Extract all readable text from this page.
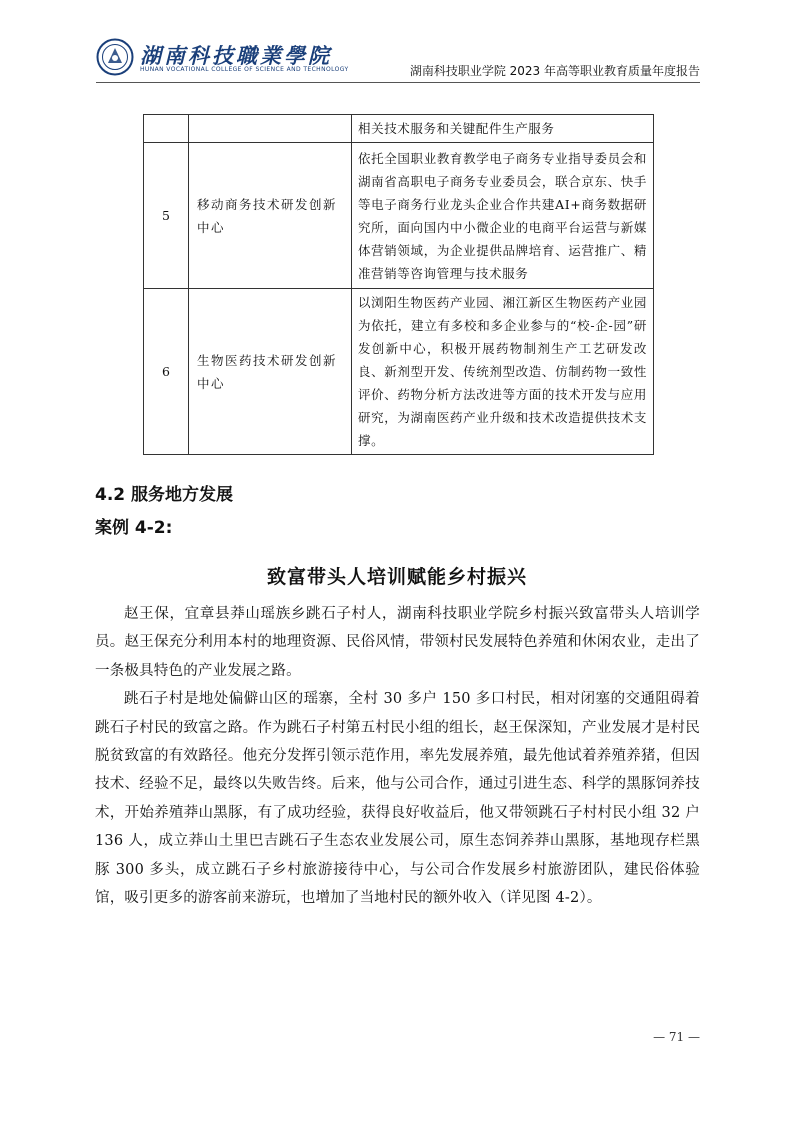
湖南科技職業學院
HUNAN VOCATIONAL COLLEGE OF SCIENCE AND TECHNOLOGY	湖南科技职业学院 2023 年高等职业教育质量年度报告
		相关技术服务和关键配件生产服务
5	移动商务技术研发创新中心	依托全国职业教育教学电子商务专业指导委员会和湖南省高职电子商务专业委员会，联合京东、快手等电子商务行业龙头企业合作共建AI+商务数据研究所，面向国内中小微企业的电商平台运营与新媒体营销领域，为企业提供品牌培育、运营推广、精准营销等咨询管理与技术服务
6	生物医药技术研发创新中心	以浏阳生物医药产业园、湘江新区生物医药产业园为依托，建立有多校和多企业参与的“校-企-园”研发创新中心，积极开展药物制剂生产工艺研发改良、新剂型开发、传统剂型改造、仿制药物一致性评价、药物分析方法改进等方面的技术开发与应用研究，为湖南医药产业升级和技术改造提供技术支撑。
4.2 服务地方发展
案例 4-2:
致富带头人培训赋能乡村振兴

赵王保，宜章县莽山瑶族乡跳石子村人，湖南科技职业学院乡村振兴致富带头人培训学员。赵王保充分利用本村的地理资源、民俗风情，带领村民发展特色养殖和休闲农业，走出了一条极具特色的产业发展之路。

跳石子村是地处偏僻山区的瑶寨，全村 30 多户 150 多口村民，相对闭塞的交通阻碍着跳石子村民的致富之路。作为跳石子村第五村民小组的组长，赵王保深知，产业发展才是村民脱贫致富的有效路径。他充分发挥引领示范作用，率先发展养殖，最先他试着养殖养猪，但因技术、经验不足，最终以失败告终。后来，他与公司合作，通过引进生态、科学的黑豚饲养技术，开始养殖莽山黑豚，有了成功经验，获得良好收益后，他又带领跳石子村村民小组 32 户 136 人，成立莽山土里巴吉跳石子生态农业发展公司，原生态饲养莽山黑豚，基地现存栏黑豚 300 多头，成立跳石子乡村旅游接待中心，与公司合作发展乡村旅游团队，建民俗体验馆，吸引更多的游客前来游玩，也增加了当地村民的额外收入（详见图 4-2）。

— 71 —
